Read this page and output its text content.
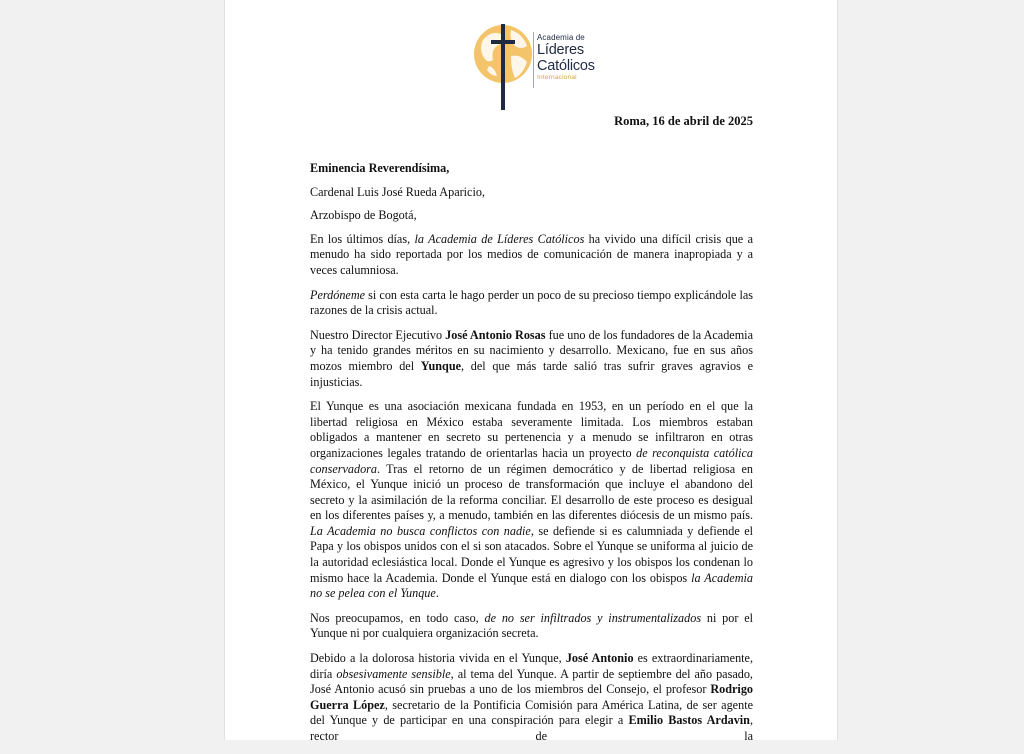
Academia de
Líderes
Católicos
Internacional
Roma, 16 de abril de 2025

Eminencia Reverendísima,

Cardenal Luis José Rueda Aparicio,

Arzobispo de Bogotá,

En los últimos días, la Academia de Líderes Católicos ha vivido una difícil crisis que a menudo ha sido reportada por los medios de comunicación de manera inapropiada y a veces calumniosa.

Perdóneme si con esta carta le hago perder un poco de su precioso tiempo explicándole las razones de la crisis actual.

Nuestro Director Ejecutivo José Antonio Rosas fue uno de los fundadores de la Academia y ha tenido grandes méritos en su nacimiento y desarrollo. Mexicano, fue en sus años mozos miembro del Yunque, del que más tarde salió tras sufrir graves agravios e injusticias.

El Yunque es una asociación mexicana fundada en 1953, en un período en el que la libertad religiosa en México estaba severamente limitada. Los miembros estaban obligados a mantener en secreto su pertenencia y a menudo se infiltraron en otras organizaciones legales tratando de orientarlas hacia un proyecto de reconquista católica conservadora. Tras el retorno de un régimen democrático y de libertad religiosa en México, el Yunque inició un proceso de transformación que incluye el abandono del secreto y la asimilación de la reforma conciliar. El desarrollo de este proceso es desigual en los diferentes países y, a menudo, también en las diferentes diócesis de un mismo país. La Academia no busca conflictos con nadie, se defiende si es calumniada y defiende el Papa y los obispos unidos con el si son atacados. Sobre el Yunque se uniforma al juicio de la autoridad eclesiástica local. Donde el Yunque es agresivo y los obispos los condenan lo mismo hace la Academia. Donde el Yunque está en dialogo con los obispos la Academia no se pelea con el Yunque.

Nos preocupamos, en todo caso, de no ser infiltrados y instrumentalizados ni por el Yunque ni por cualquiera organización secreta.

Debido a la dolorosa historia vivida en el Yunque, José Antonio es extraordinariamente, diría obsesivamente sensible, al tema del Yunque. A partir de septiembre del año pasado, José Antonio acusó sin pruebas a uno de los miembros del Consejo, el profesor Rodrigo Guerra López, secretario de la Pontificia Comisión para América Latina, de ser agente del Yunque y de participar en una conspiración para elegir a Emilio Bastos Ardavin, rector de la
